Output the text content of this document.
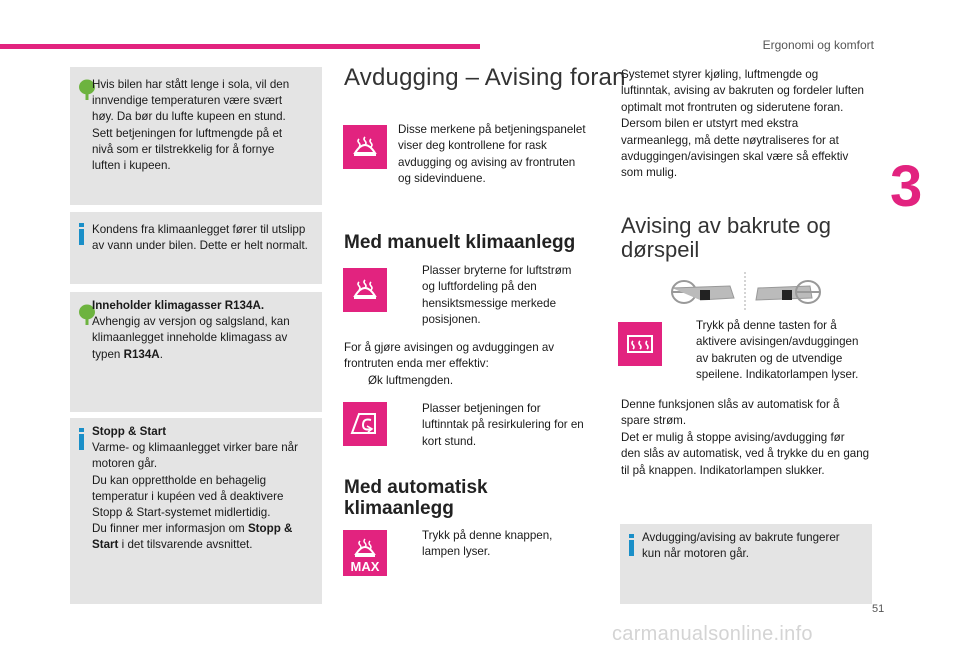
Ergonomi og komfort
3
51
carmanualsonline.info

Hvis bilen har stått lenge i sola, vil den
innvendige temperaturen være svært
høy. Da bør du lufte kupeen en stund.
Sett betjeningen for luftmengde på et
nivå som er tilstrekkelig for å fornye
luften i kupeen.

Kondens fra klimaanlegget fører til utslipp
av vann under bilen. Dette er helt normalt.

Inneholder klimagasser R134A.
Avhengig av versjon og salgsland, kan
klimaanlegget inneholde klimagass av
typen R134A.

Stopp & Start
Varme- og klimaanlegget virker bare når
motoren går.
Du kan opprettholde en behagelig
temperatur i kupéen ved å deaktivere
Stopp & Start-systemet midlertidig.
Du finner mer informasjon om Stopp &
Start i det tilsvarende avsnittet.

Avdugging – Avising foran
Disse merkene på betjeningspanelet
viser deg kontrollene for rask
avdugging og avising av frontruten
og sidevinduene.
Med manuelt klimaanlegg
Plasser bryterne for luftstrøm
og luftfordeling på den
hensiktsmessige merkede
posisjonen.
For å gjøre avisingen og avduggingen av
frontruten enda mer effektiv:

Øk luftmengden.
Plasser betjeningen for
luftinntak på resirkulering for en
kort stund.
Med automatisk
klimaanlegg
MAX
Trykk på denne knappen,
lampen lyser.
Systemet styrer kjøling, luftmengde og
luftinntak, avising av bakruten og fordeler luften
optimalt mot frontruten og siderutene foran.
Dersom bilen er utstyrt med ekstra
varmeanlegg, må dette nøytraliseres for at
avduggingen/avisingen skal være så effektiv
som mulig.
Avising av bakrute og
dørspeil
Trykk på denne tasten for å
aktivere avisingen/avduggingen
av bakruten og de utvendige
speilene. Indikatorlampen lyser.
Denne funksjonen slås av automatisk for å
spare strøm.
Det er mulig å stoppe avising/avdugging før
den slås av automatisk, ved å trykke du en gang
til på knappen. Indikatorlampen slukker.

Avdugging/avising av bakrute fungerer
kun når motoren går.
